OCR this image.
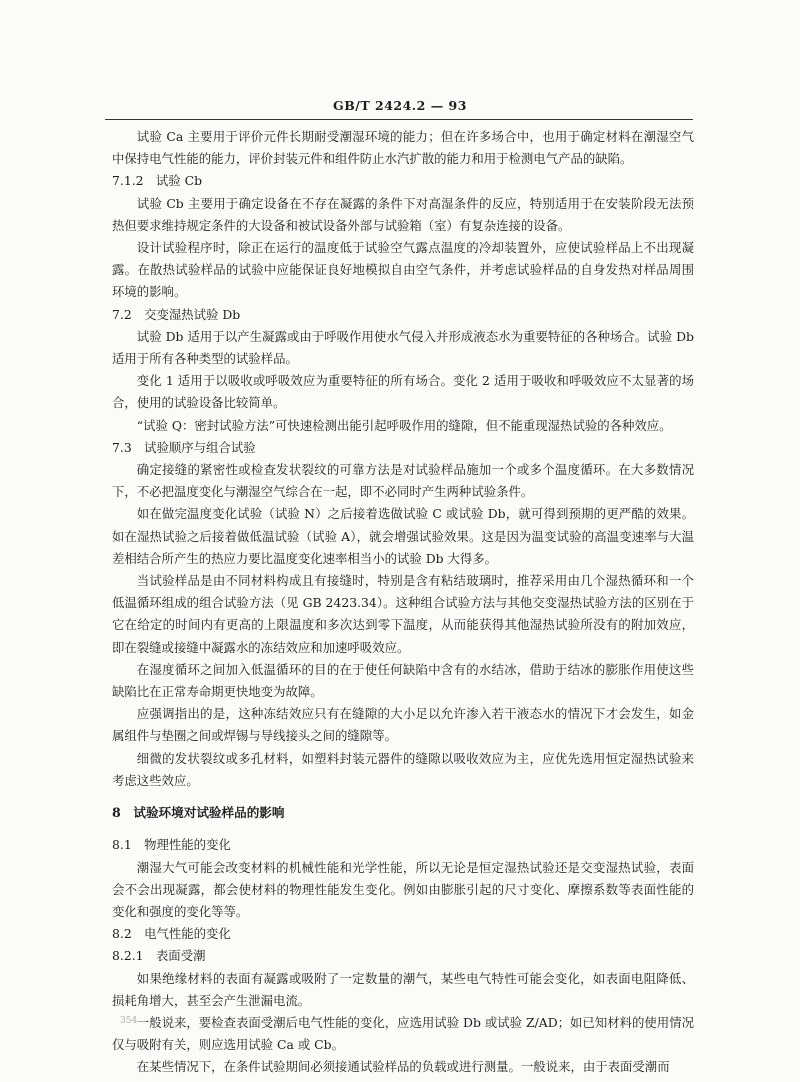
GB/T 2424.2 — 93

试验 Ca 主要用于评价元件长期耐受潮湿环境的能力；但在许多场合中，也用于确定材料在潮湿空气中保持电气性能的能力，评价封装元件和组件防止水汽扩散的能力和用于检测电气产品的缺陷。

7.1.2　试验 Cb

试验 Cb 主要用于确定设备在不存在凝露的条件下对高湿条件的反应，特别适用于在安装阶段无法预热但要求维持规定条件的大设备和被试设备外部与试验箱（室）有复杂连接的设备。

设计试验程序时，除正在运行的温度低于试验空气露点温度的冷却装置外，应使试验样品上不出现凝露。在散热试验样品的试验中应能保证良好地模拟自由空气条件，并考虑试验样品的自身发热对样品周围环境的影响。

7.2　交变湿热试验 Db

试验 Db 适用于以产生凝露或由于呼吸作用使水气侵入并形成液态水为重要特征的各种场合。试验 Db 适用于所有各种类型的试验样品。

变化 1 适用于以吸收或呼吸效应为重要特征的所有场合。变化 2 适用于吸收和呼吸效应不太显著的场合，使用的试验设备比较简单。

“试验 Q：密封试验方法”可快速检测出能引起呼吸作用的缝隙，但不能重现湿热试验的各种效应。

7.3　试验顺序与组合试验

确定接缝的紧密性或检查发状裂纹的可靠方法是对试验样品施加一个或多个温度循环。在大多数情况下，不必把温度变化与潮湿空气综合在一起，即不必同时产生两种试验条件。

如在做完温度变化试验（试验 N）之后接着选做试验 C 或试验 Db，就可得到预期的更严酷的效果。如在湿热试验之后接着做低温试验（试验 A），就会增强试验效果。这是因为温变试验的高温变速率与大温差相结合所产生的热应力要比温度变化速率相当小的试验 Db 大得多。

当试验样品是由不同材料构成且有接缝时，特别是含有粘结玻璃时，推荐采用由几个湿热循环和一个低温循环组成的组合试验方法（见 GB 2423.34）。这种组合试验方法与其他交变湿热试验方法的区别在于它在给定的时间内有更高的上限温度和多次达到零下温度，从而能获得其他湿热试验所没有的附加效应，即在裂缝或接缝中凝露水的冻结效应和加速呼吸效应。

在湿度循环之间加入低温循环的目的在于使任何缺陷中含有的水结冰，借助于结冰的膨胀作用使这些缺陷比在正常寿命期更快地变为故障。

应强调指出的是，这种冻结效应只有在缝隙的大小足以允许渗入若干液态水的情况下才会发生，如金属组件与垫圈之间或焊锡与导线接头之间的缝隙等。

细微的发状裂纹或多孔材料，如塑料封装元器件的缝隙以吸收效应为主，应优先选用恒定湿热试验来考虑这些效应。

8　试验环境对试验样品的影响
8.1　物理性能的变化

潮湿大气可能会改变材料的机械性能和光学性能，所以无论是恒定湿热试验还是交变湿热试验，表面会不会出现凝露，都会使材料的物理性能发生变化。例如由膨胀引起的尺寸变化、摩擦系数等表面性能的变化和强度的变化等等。

8.2　电气性能的变化
8.2.1　表面受潮

如果绝缘材料的表面有凝露或吸附了一定数量的潮气，某些电气特性可能会变化，如表面电阻降低、损耗角增大，甚至会产生泄漏电流。

一般说来，要检查表面受潮后电气性能的变化，应选用试验 Db 或试验 Z/AD；如已知材料的使用情况仅与吸附有关，则应选用试验 Ca 或 Cb。

在某些情况下，在条件试验期间必须接通试验样品的负载或进行测量。一般说来，由于表面受潮而

354
